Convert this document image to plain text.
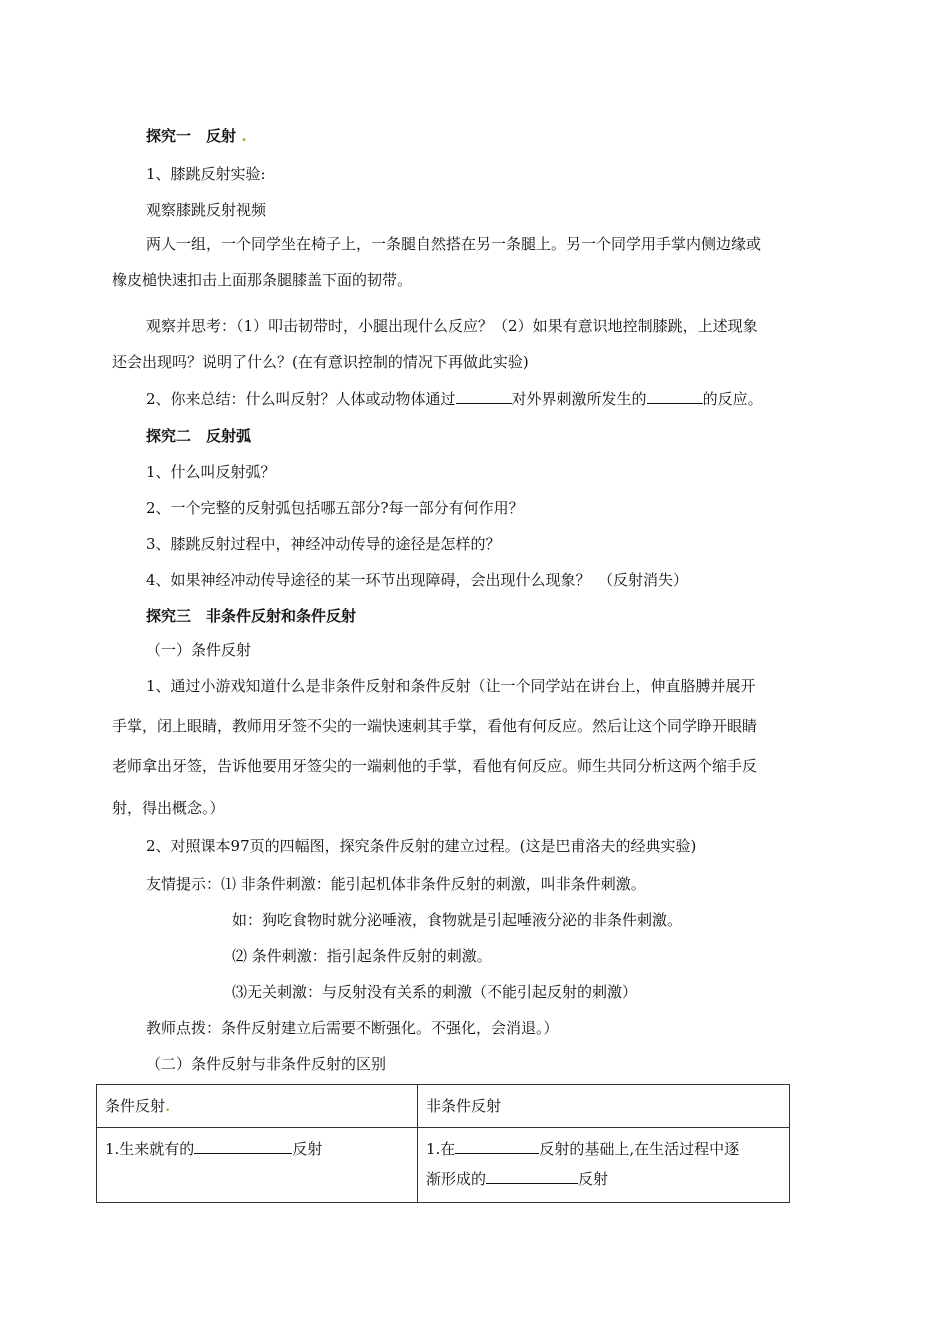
探究一　反射 .
1、膝跳反射实验:
观察膝跳反射视频
两人一组，一个同学坐在椅子上，一条腿自然搭在另一条腿上。另一个同学用手掌内侧边缘或
橡皮槌快速扣击上面那条腿膝盖下面的韧带。
观察并思考：（1）叩击韧带时，小腿出现什么反应？（2）如果有意识地控制膝跳，上述现象
还会出现吗？说明了什么？(在有意识控制的情况下再做此实验)
2、你来总结：什么叫反射？人体或动物体通过	对外界刺激所发生的	的反应。
探究二　反射弧
1、什么叫反射弧？
2、一个完整的反射弧包括哪五部分?每一部分有何作用？
3、膝跳反射过程中，神经冲动传导的途径是怎样的？
4、如果神经冲动传导途径的某一环节出现障碍，会出现什么现象？　（反射消失）
探究三　非条件反射和条件反射
（一）条件反射
1、通过小游戏知道什么是非条件反射和条件反射（让一个同学站在讲台上，伸直胳膊并展开
手掌，闭上眼睛，教师用牙签不尖的一端快速刺其手掌，看他有何反应。然后让这个同学睁开眼睛
老师拿出牙签，告诉他要用牙签尖的一端刺他的手掌，看他有何反应。师生共同分析这两个缩手反
射，得出概念。）
2、对照课本97页的四幅图，探究条件反射的建立过程。(这是巴甫洛夫的经典实验)
友情提示：⑴ 非条件刺激：能引起机体非条件反射的刺激，叫非条件刺激。
如：狗吃食物时就分泌唾液，食物就是引起唾液分泌的非条件刺激。
⑵ 条件刺激：指引起条件反射的刺激。
⑶无关刺激：与反射没有关系的刺激（不能引起反射的刺激）
教师点拨：条件反射建立后需要不断强化。不强化，会消退。）
（二）条件反射与非条件反射的区别
条件反射.	非条件反射
1.生来就有的 反射	1.在 反射的基础上,在生活过程中逐
渐形成的 反射
